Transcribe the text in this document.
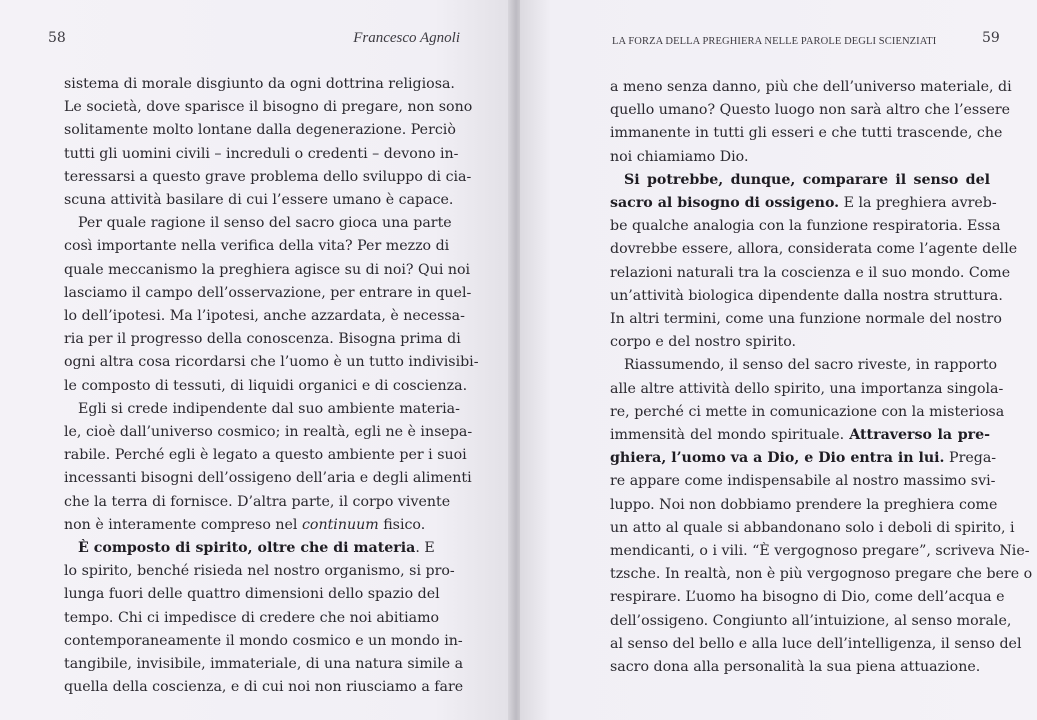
58	Francesco Agnoli
sistema di morale disgiunto da ogni dottrina religiosa.
Le società, dove sparisce il bisogno di pregare, non sono
solitamente molto lontane dalla degenerazione. Perciò
tutti gli uomini civili – increduli o credenti – devono in-
teressarsi a questo grave problema dello sviluppo di cia-
scuna attività basilare di cui l’essere umano è capace.
Per quale ragione il senso del sacro gioca una parte
così importante nella verifica della vita? Per mezzo di
quale meccanismo la preghiera agisce su di noi? Qui noi
lasciamo il campo dell’osservazione, per entrare in quel-
lo dell’ipotesi. Ma l’ipotesi, anche azzardata, è necessa-
ria per il progresso della conoscenza. Bisogna prima di
ogni altra cosa ricordarsi che l’uomo è un tutto indivisibi-
le composto di tessuti, di liquidi organici e di coscienza.
Egli si crede indipendente dal suo ambiente materia-
le, cioè dall’universo cosmico; in realtà, egli ne è insepa-
rabile. Perché egli è legato a questo ambiente per i suoi
incessanti bisogni dell’ossigeno dell’aria e degli alimenti
che la terra di fornisce. D’altra parte, il corpo vivente
non è interamente compreso nel continuum fisico.
È composto di spirito, oltre che di materia. E
lo spirito, benché risieda nel nostro organismo, si pro-
lunga fuori delle quattro dimensioni dello spazio del
tempo. Chi ci impedisce di credere che noi abitiamo
contemporaneamente il mondo cosmico e un mondo in-
tangibile, invisibile, immateriale, di una natura simile a
quella della coscienza, e di cui noi non riusciamo a fare
LA FORZA DELLA PREGHIERA NELLE PAROLE DEGLI SCIENZIATI	59
a meno senza danno, più che dell’universo materiale, di
quello umano? Questo luogo non sarà altro che l’essere
immanente in tutti gli esseri e che tutti trascende, che
noi chiamiamo Dio.
Si potrebbe, dunque, comparare il senso del
sacro al bisogno di ossigeno. E la preghiera avreb-
be qualche analogia con la funzione respiratoria. Essa
dovrebbe essere, allora, considerata come l’agente delle
relazioni naturali tra la coscienza e il suo mondo. Come
un’attività biologica dipendente dalla nostra struttura.
In altri termini, come una funzione normale del nostro
corpo e del nostro spirito.
Riassumendo, il senso del sacro riveste, in rapporto
alle altre attività dello spirito, una importanza singola-
re, perché ci mette in comunicazione con la misteriosa
immensità del mondo spirituale. Attraverso la pre-
ghiera, l’uomo va a Dio, e Dio entra in lui. Prega-
re appare come indispensabile al nostro massimo svi-
luppo. Noi non dobbiamo prendere la preghiera come
un atto al quale si abbandonano solo i deboli di spirito, i
mendicanti, o i vili. “È vergognoso pregare”, scriveva Nie-
tzsche. In realtà, non è più vergognoso pregare che bere o
respirare. L’uomo ha bisogno di Dio, come dell’acqua e
dell’ossigeno. Congiunto all’intuizione, al senso morale,
al senso del bello e alla luce dell’intelligenza, il senso del
sacro dona alla personalità la sua piena attuazione.
